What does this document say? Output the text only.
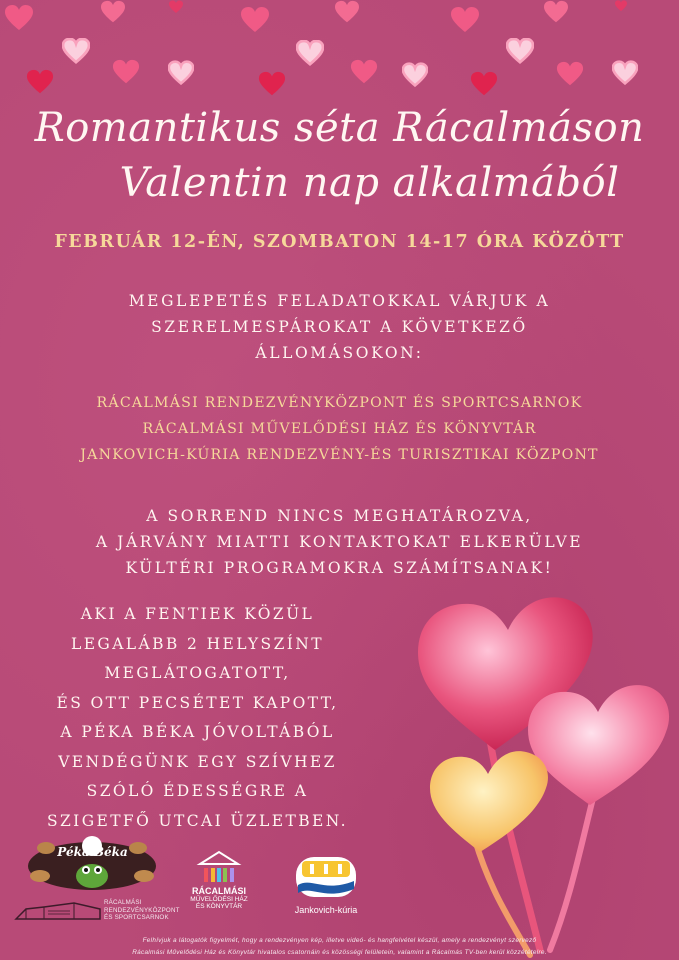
Romantikus séta Rácalmáson
Valentin nap alkalmából
FEBRUÁR 12-ÉN, SZOMBATON 14-17 ÓRA KÖZÖTT
MEGLEPETÉS FELADATOKKAL VÁRJUK A
SZERELMESPÁROKAT A KÖVETKEZŐ
ÁLLOMÁSOKON:
RÁCALMÁSI RENDEZVÉNYKÖZPONT ÉS SPORTCSARNOK
RÁCALMÁSI MŰVELŐDÉSI HÁZ ÉS KÖNYVTÁR
JANKOVICH-KÚRIA RENDEZVÉNY-ÉS TURISZTIKAI KÖZPONT
A SORREND NINCS MEGHATÁROZVA,
A JÁRVÁNY MIATTI KONTAKTOKAT ELKERÜLVE
KÜLTÉRI PROGRAMOKRA SZÁMÍTSANAK!
AKI A FENTIEK KÖZÜL
LEGALÁBB 2 HELYSZÍNT
MEGLÁTOGATOTT,
ÉS OTT PECSÉTET KAPOTT,
A PÉKA BÉKA JÓVOLTÁBÓL
VENDÉGÜNK EGY SZÍVHEZ
SZÓLÓ ÉDESSÉGRE A
SZIGETFŐ UTCAI ÜZLETBEN.
Péka Béka
RÁCALMÁSI
RENDEZVÉNYKÖZPONT
ÉS SPORTCSARNOK
RÁCALMÁSI
MŰVELŐDÉSI HÁZ
ÉS KÖNYVTÁR	Jankovich-kúria
Felhívjuk a látogatók figyelmét, hogy a rendezvényen kép, illetve videó- és hangfelvétel készül, amely a rendezvényt szervező
Rácalmási Művelődési Ház és Könyvtár hivatalos csatornáin és közösségi felületein, valamint a Rácalmás TV-ben kerül közzétételre.
